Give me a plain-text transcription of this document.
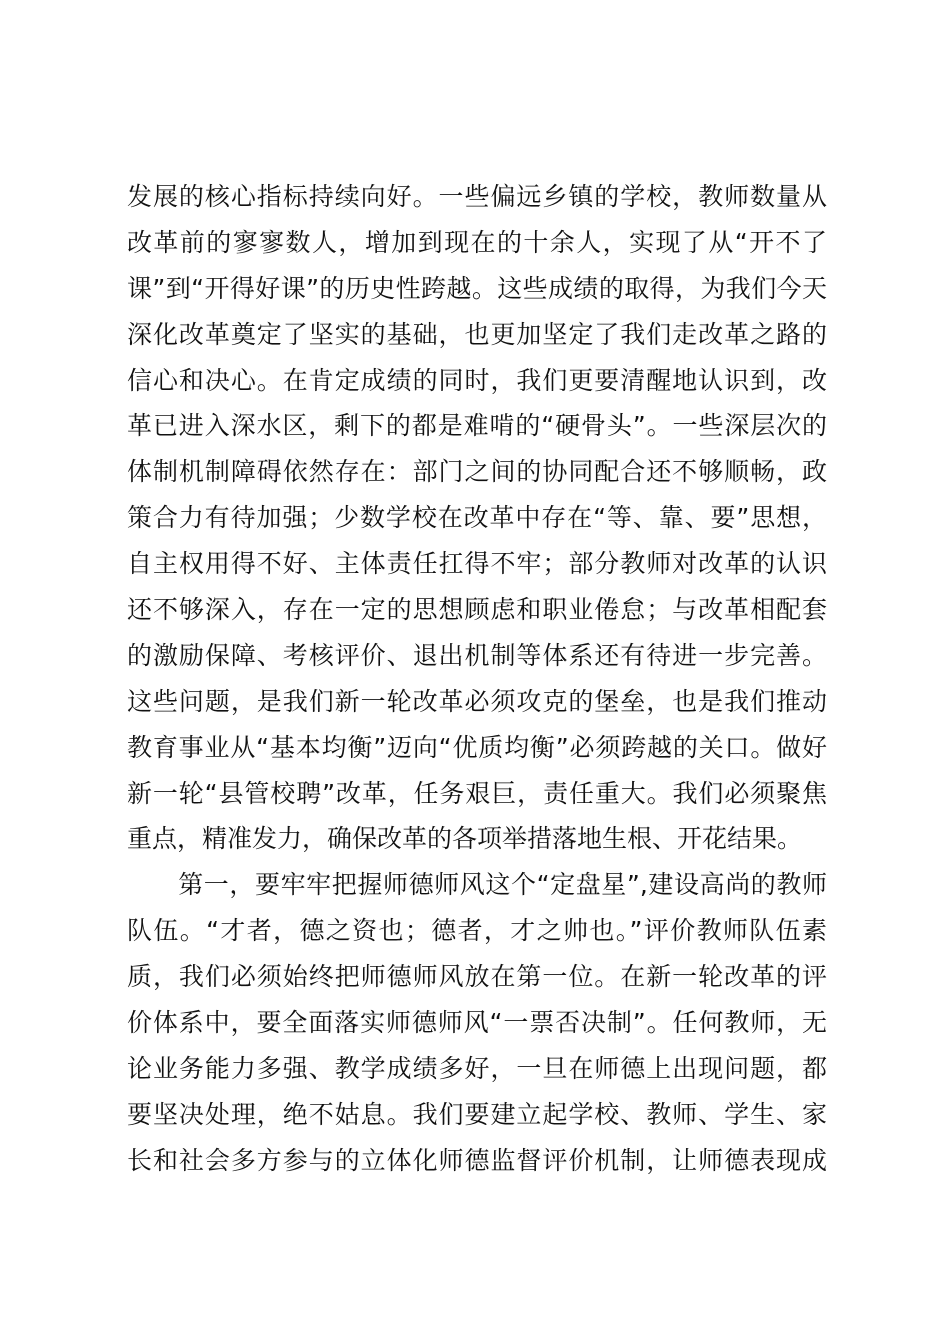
发展的核心指标持续向好。一些偏远乡镇的学校，教师数量从
改革前的寥寥数人，增加到现在的十余人，实现了从“开不了
课”到“开得好课”的历史性跨越。这些成绩的取得，为我们今天
深化改革奠定了坚实的基础，也更加坚定了我们走改革之路的
信心和决心。在肯定成绩的同时，我们更要清醒地认识到，改
革已进入深水区，剩下的都是难啃的“硬骨头”。一些深层次的
体制机制障碍依然存在：部门之间的协同配合还不够顺畅，政
策合力有待加强；少数学校在改革中存在“等、靠、要”思想，
自主权用得不好、主体责任扛得不牢；部分教师对改革的认识
还不够深入，存在一定的思想顾虑和职业倦怠；与改革相配套
的激励保障、考核评价、退出机制等体系还有待进一步完善。
这些问题，是我们新一轮改革必须攻克的堡垒，也是我们推动
教育事业从“基本均衡”迈向“优质均衡”必须跨越的关口。做好
新一轮“县管校聘”改革，任务艰巨，责任重大。我们必须聚焦
重点，精准发力，确保改革的各项举措落地生根、开花结果。
　　第一，要牢牢把握师德师风这个“定盘星”,建设高尚的教师
队伍。“才者，德之资也；德者，才之帅也。”评价教师队伍素
质，我们必须始终把师德师风放在第一位。在新一轮改革的评
价体系中，要全面落实师德师风“一票否决制”。任何教师，无
论业务能力多强、教学成绩多好，一旦在师德上出现问题，都
要坚决处理，绝不姑息。我们要建立起学校、教师、学生、家
长和社会多方参与的立体化师德监督评价机制，让师德表现成
